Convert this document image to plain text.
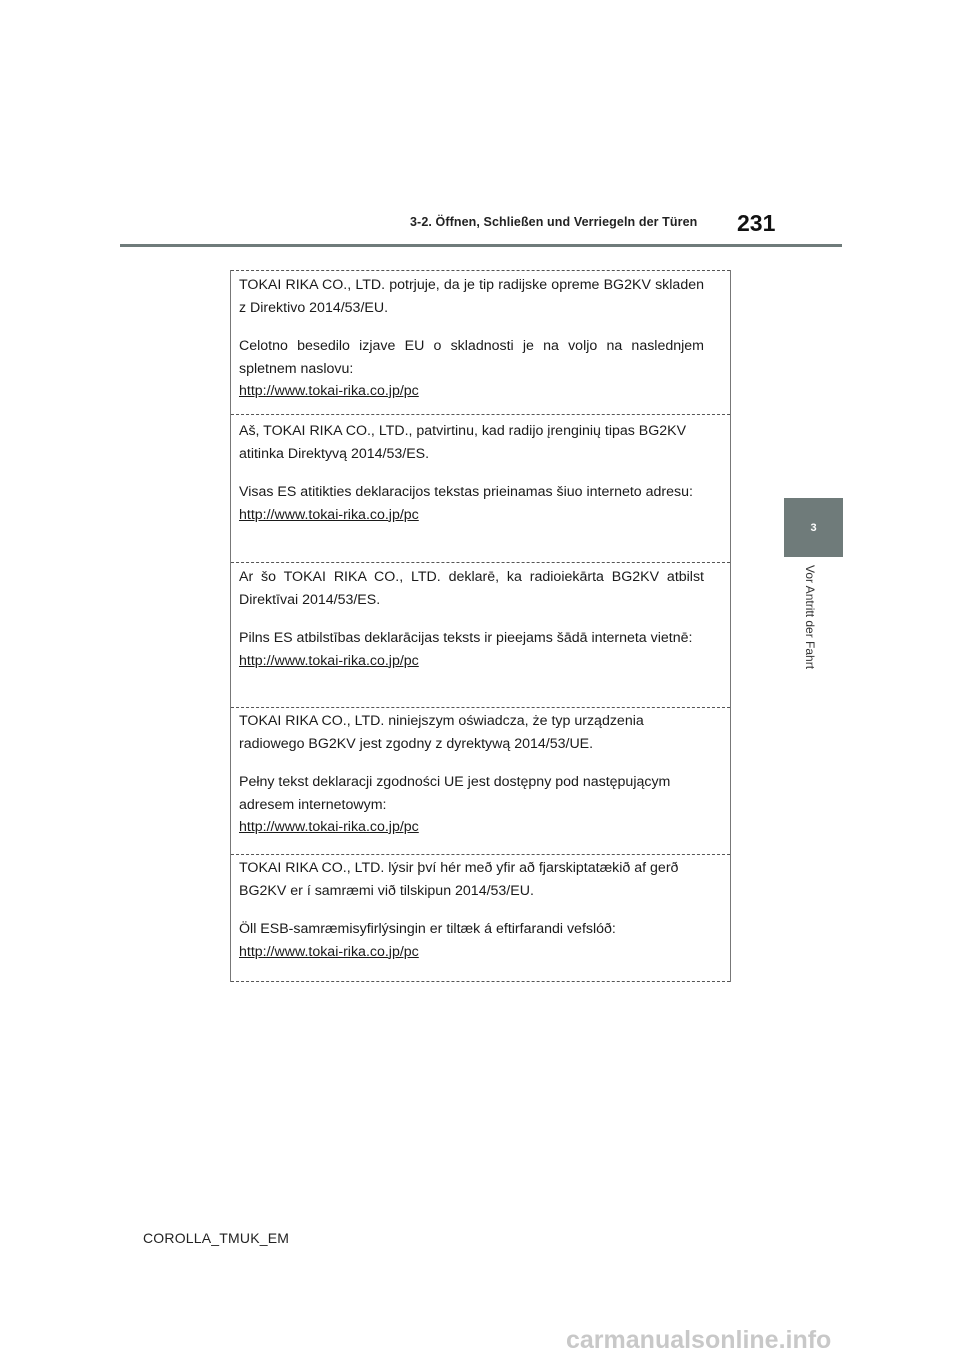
3-2. Öffnen, Schließen und Verriegeln der Türen 231
3
Vor Antritt der Fahrt
TOKAI RIKA CO., LTD. potrjuje, da je tip radijske opreme BG2KV skladen z Direktivo 2014/53/EU.
Celotno besedilo izjave EU o skladnosti je na voljo na naslednjem spletnem naslovu:
http://www.tokai-rika.co.jp/pc
Aš, TOKAI RIKA CO., LTD., patvirtinu, kad radijo įrenginių tipas BG2KV atitinka Direktyvą 2014/53/ES.
Visas ES atitikties deklaracijos tekstas prieinamas šiuo interneto adresu:
http://www.tokai-rika.co.jp/pc
Ar šo TOKAI RIKA CO., LTD. deklarē, ka radioiekārta BG2KV atbilst Direktīvai 2014/53/ES.
Pilns ES atbilstības deklarācijas teksts ir pieejams šādā interneta vietnē:
http://www.tokai-rika.co.jp/pc
TOKAI RIKA CO., LTD. niniejszym oświadcza, że typ urządzenia radiowego BG2KV jest zgodny z dyrektywą 2014/53/UE.
Pełny tekst deklaracji zgodności UE jest dostępny pod następującym adresem internetowym:
http://www.tokai-rika.co.jp/pc
TOKAI RIKA CO., LTD. lýsir því hér með yfir að fjarskiptatækið af gerð BG2KV er í samræmi við tilskipun 2014/53/EU.
Öll ESB-samræmisyfirlýsingin er tiltæk á eftirfarandi vefslóð:
http://www.tokai-rika.co.jp/pc
COROLLA_TMUK_EM
carmanualsonline.info
